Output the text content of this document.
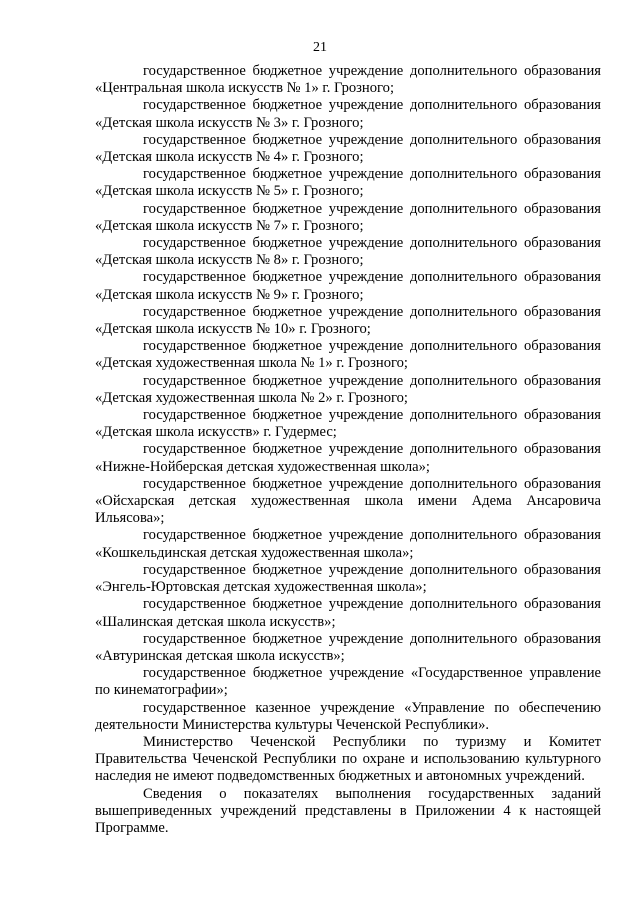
21
государственное бюджетное учреждение дополнительного образования
«Центральная школа искусств № 1» г. Грозного;
государственное бюджетное учреждение дополнительного образования
«Детская школа искусств № 3» г. Грозного;
государственное бюджетное учреждение дополнительного образования
«Детская школа искусств № 4» г. Грозного;
государственное бюджетное учреждение дополнительного образования
«Детская школа искусств № 5» г. Грозного;
государственное бюджетное учреждение дополнительного образования
«Детская школа искусств № 7» г. Грозного;
государственное бюджетное учреждение дополнительного образования
«Детская школа искусств № 8» г. Грозного;
государственное бюджетное учреждение дополнительного образования
«Детская школа искусств № 9» г. Грозного;
государственное бюджетное учреждение дополнительного образования
«Детская школа искусств № 10» г. Грозного;
государственное бюджетное учреждение дополнительного образования
«Детская художественная школа № 1» г. Грозного;
государственное бюджетное учреждение дополнительного образования
«Детская художественная школа № 2» г. Грозного;
государственное бюджетное учреждение дополнительного образования
«Детская школа искусств» г. Гудермес;
государственное бюджетное учреждение дополнительного образования
«Нижне-Нойберская детская художественная школа»;
государственное бюджетное учреждение дополнительного образования
«Ойсхарская детская художественная школа имени Адема Ансаровича Ильясова»;
государственное бюджетное учреждение дополнительного образования
«Кошкельдинская детская художественная школа»;
государственное бюджетное учреждение дополнительного образования
«Энгель-Юртовская детская художественная школа»;
государственное бюджетное учреждение дополнительного образования
«Шалинская детская школа искусств»;
государственное бюджетное учреждение дополнительного образования
«Автуринская детская школа искусств»;
государственное бюджетное учреждение «Государственное управление
по кинематографии»;
государственное казенное учреждение «Управление по обеспечению
деятельности Министерства культуры Чеченской Республики».
Министерство Чеченской Республики по туризму и Комитет
Правительства Чеченской Республики по охране и использованию культурного
наследия не имеют подведомственных бюджетных и автономных учреждений.
Сведения о показателях выполнения государственных заданий
вышеприведенных учреждений представлены в Приложении 4 к настоящей
Программе.
